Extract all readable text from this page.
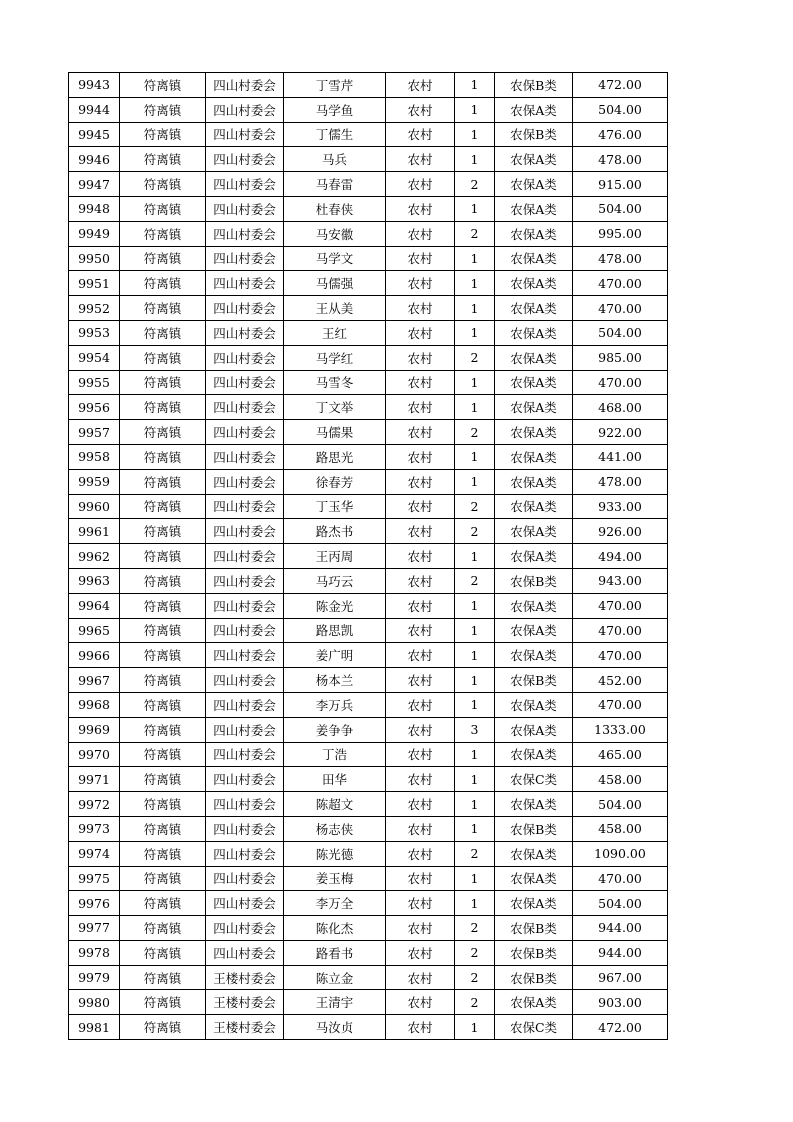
9943	符离镇	四山村委会	丁雪芹	农村	1	农保B类	472.00
9944	符离镇	四山村委会	马学鱼	农村	1	农保A类	504.00
9945	符离镇	四山村委会	丁儒生	农村	1	农保B类	476.00
9946	符离镇	四山村委会	马兵	农村	1	农保A类	478.00
9947	符离镇	四山村委会	马春雷	农村	2	农保A类	915.00
9948	符离镇	四山村委会	杜春侠	农村	1	农保A类	504.00
9949	符离镇	四山村委会	马安徽	农村	2	农保A类	995.00
9950	符离镇	四山村委会	马学文	农村	1	农保A类	478.00
9951	符离镇	四山村委会	马儒强	农村	1	农保A类	470.00
9952	符离镇	四山村委会	王从美	农村	1	农保A类	470.00
9953	符离镇	四山村委会	王红	农村	1	农保A类	504.00
9954	符离镇	四山村委会	马学红	农村	2	农保A类	985.00
9955	符离镇	四山村委会	马雪冬	农村	1	农保A类	470.00
9956	符离镇	四山村委会	丁文举	农村	1	农保A类	468.00
9957	符离镇	四山村委会	马儒果	农村	2	农保A类	922.00
9958	符离镇	四山村委会	路思光	农村	1	农保A类	441.00
9959	符离镇	四山村委会	徐春芳	农村	1	农保A类	478.00
9960	符离镇	四山村委会	丁玉华	农村	2	农保A类	933.00
9961	符离镇	四山村委会	路杰书	农村	2	农保A类	926.00
9962	符离镇	四山村委会	王丙周	农村	1	农保A类	494.00
9963	符离镇	四山村委会	马巧云	农村	2	农保B类	943.00
9964	符离镇	四山村委会	陈金光	农村	1	农保A类	470.00
9965	符离镇	四山村委会	路思凯	农村	1	农保A类	470.00
9966	符离镇	四山村委会	姜广明	农村	1	农保A类	470.00
9967	符离镇	四山村委会	杨本兰	农村	1	农保B类	452.00
9968	符离镇	四山村委会	李万兵	农村	1	农保A类	470.00
9969	符离镇	四山村委会	姜争争	农村	3	农保A类	1333.00
9970	符离镇	四山村委会	丁浩	农村	1	农保A类	465.00
9971	符离镇	四山村委会	田华	农村	1	农保C类	458.00
9972	符离镇	四山村委会	陈超文	农村	1	农保A类	504.00
9973	符离镇	四山村委会	杨志侠	农村	1	农保B类	458.00
9974	符离镇	四山村委会	陈光德	农村	2	农保A类	1090.00
9975	符离镇	四山村委会	姜玉梅	农村	1	农保A类	470.00
9976	符离镇	四山村委会	李万全	农村	1	农保A类	504.00
9977	符离镇	四山村委会	陈化杰	农村	2	农保B类	944.00
9978	符离镇	四山村委会	路看书	农村	2	农保B类	944.00
9979	符离镇	王楼村委会	陈立金	农村	2	农保B类	967.00
9980	符离镇	王楼村委会	王清宇	农村	2	农保A类	903.00
9981	符离镇	王楼村委会	马汝贞	农村	1	农保C类	472.00
